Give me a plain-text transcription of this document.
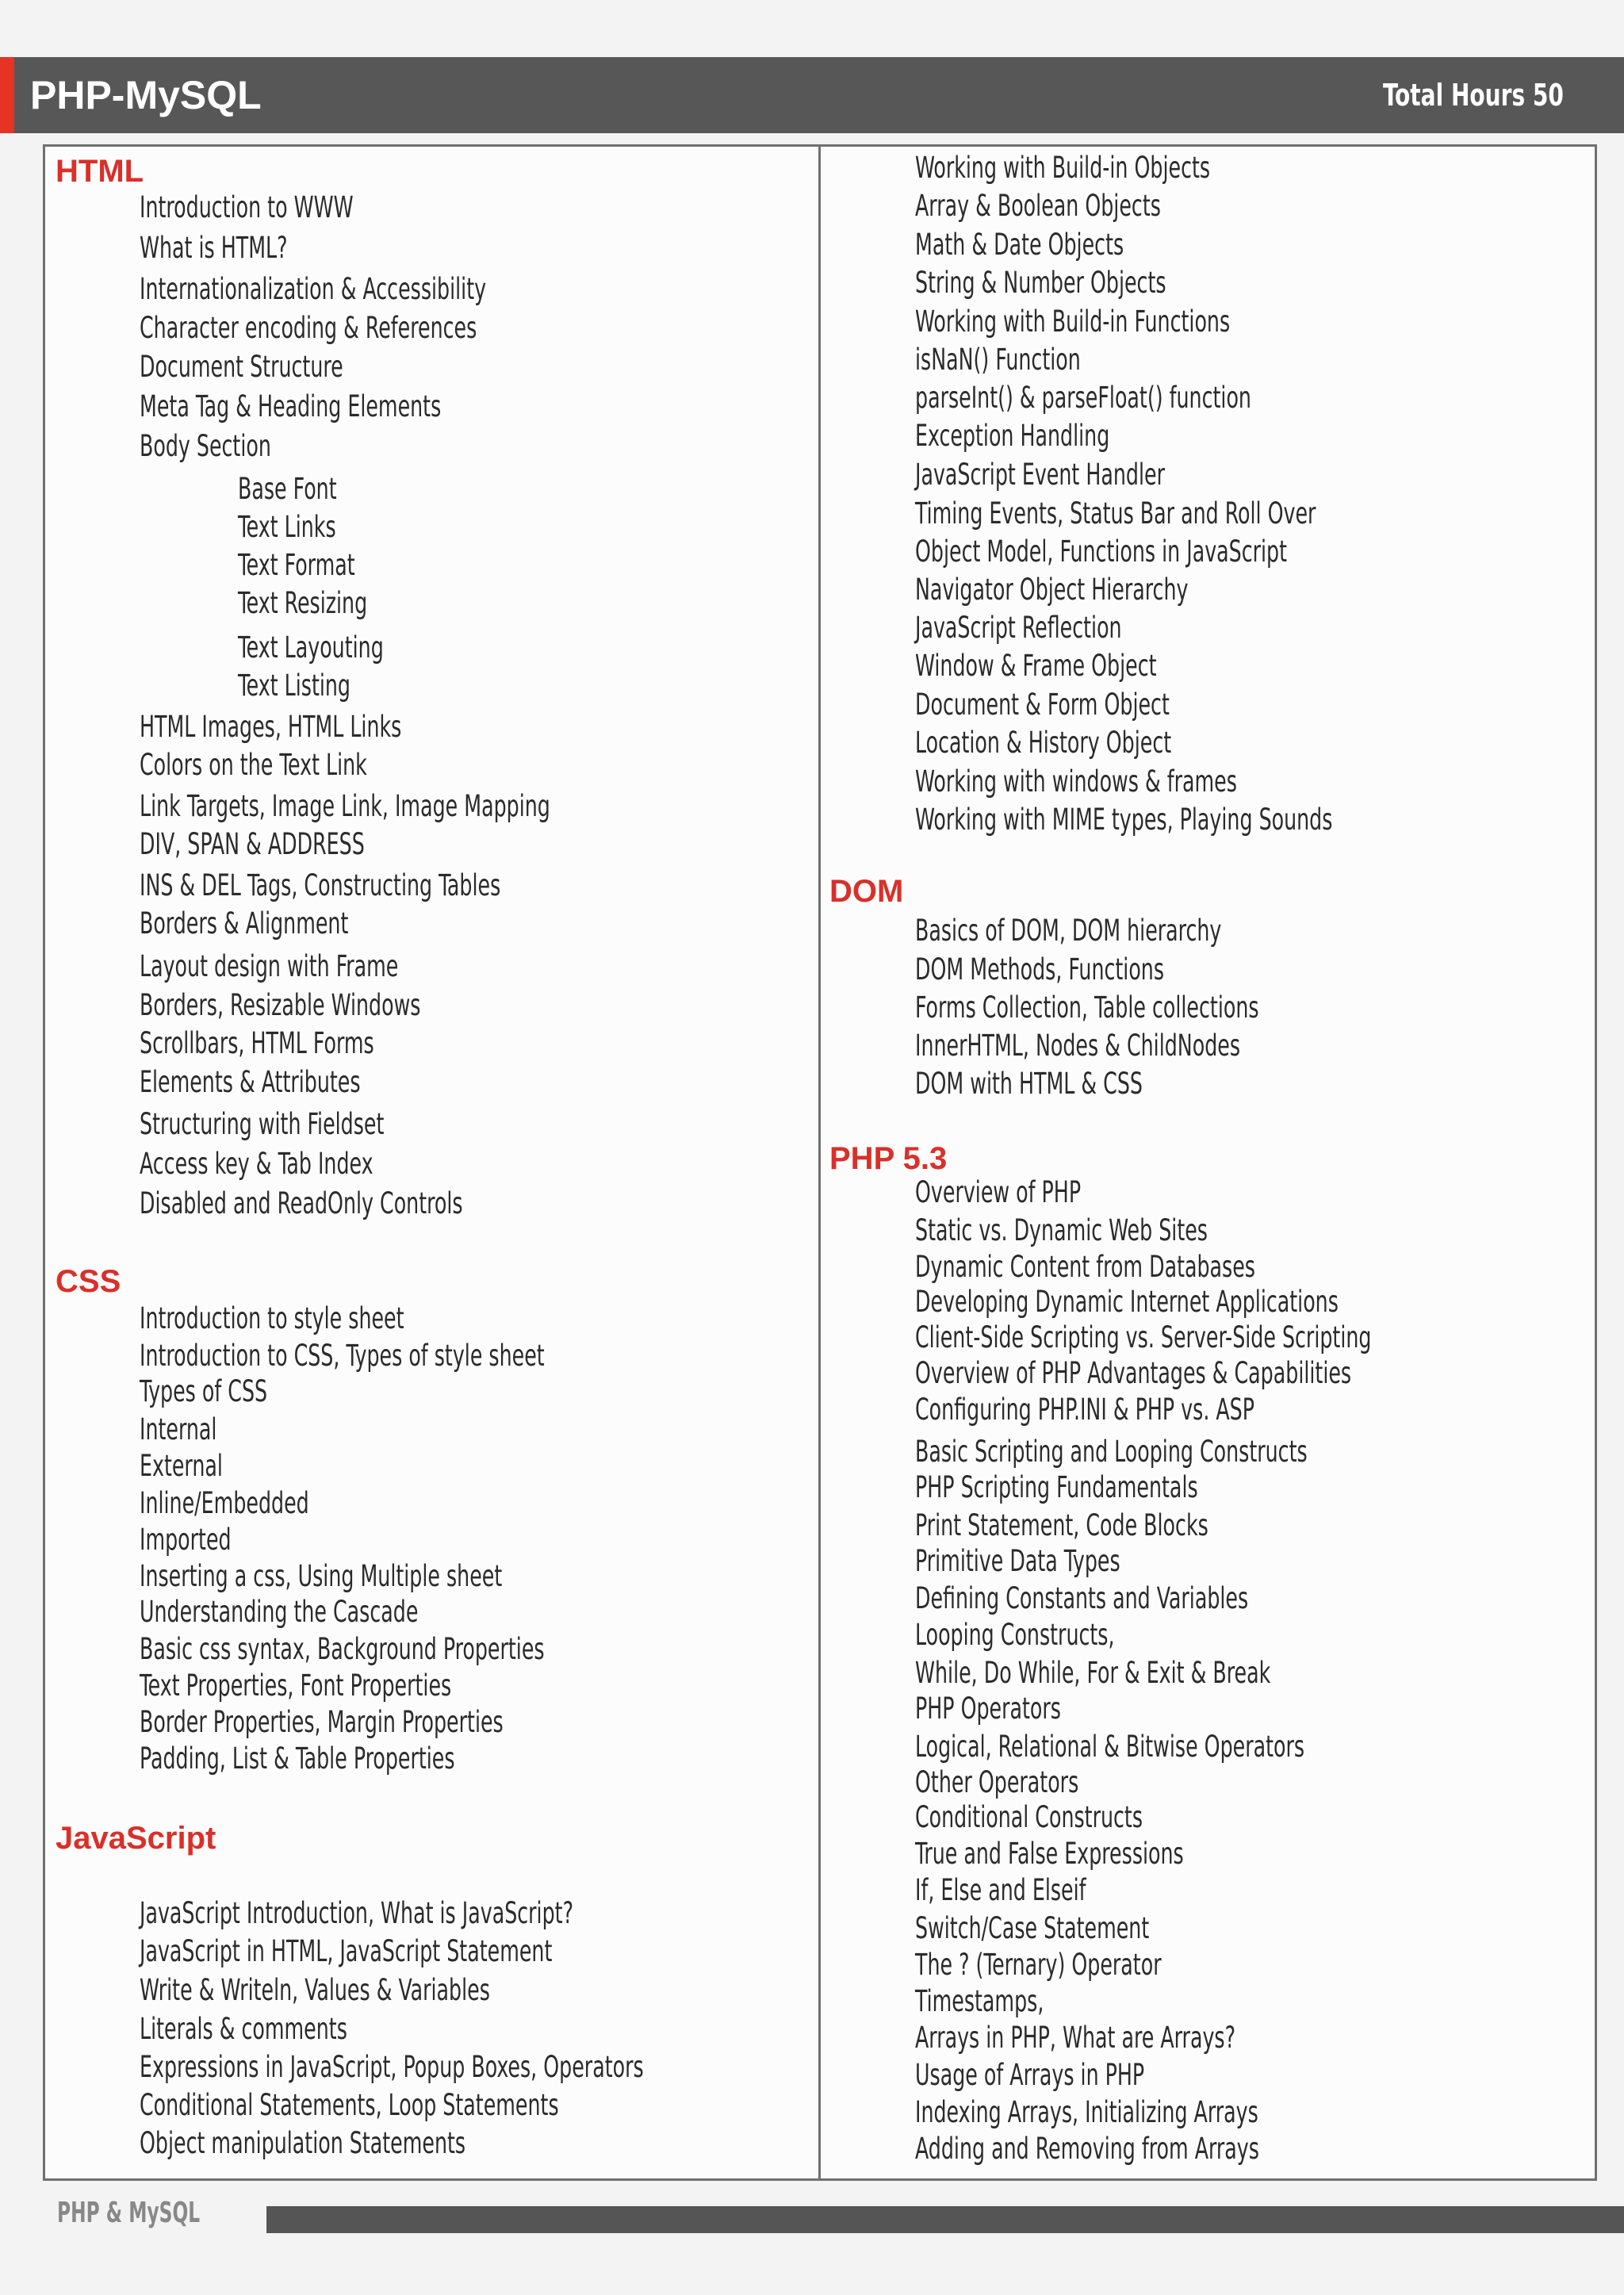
PHP-MySQL	Total Hours 50
PHP & MySQL
HTML
Introduction to WWW
What is HTML?
Internationalization & Accessibility
Character encoding & References
Document Structure
Meta Tag & Heading Elements
Body Section
Base Font
Text Links
Text Format
Text Resizing
Text Layouting
Text Listing
HTML Images, HTML Links
Colors on the Text Link
Link Targets, Image Link, Image Mapping
DIV, SPAN & ADDRESS
INS & DEL Tags, Constructing Tables
Borders & Alignment
Layout design with Frame
Borders, Resizable Windows
Scrollbars, HTML Forms
Elements & Attributes
Structuring with Fieldset
Access key & Tab Index
Disabled and ReadOnly Controls
CSS
Introduction to style sheet
Introduction to CSS, Types of style sheet
Types of CSS
Internal
External
Inline/Embedded
Imported
Inserting a css, Using Multiple sheet
Understanding the Cascade
Basic css syntax, Background Properties
Text Properties, Font Properties
Border Properties, Margin Properties
Padding, List & Table Properties
JavaScript
JavaScript Introduction, What is JavaScript?
JavaScript in HTML, JavaScript Statement
Write & Writeln, Values & Variables
Literals & comments
Expressions in JavaScript, Popup Boxes, Operators
Conditional Statements, Loop Statements
Object manipulation Statements
Working with Build-in Objects
Array & Boolean Objects
Math & Date Objects
String & Number Objects
Working with Build-in Functions
isNaN() Function
parseInt() & parseFloat() function
Exception Handling
JavaScript Event Handler
Timing Events, Status Bar and Roll Over
Object Model, Functions in JavaScript
Navigator Object Hierarchy
JavaScript Reflection
Window & Frame Object
Document & Form Object
Location & History Object
Working with windows & frames
Working with MIME types, Playing Sounds
DOM
Basics of DOM, DOM hierarchy
DOM Methods, Functions
Forms Collection, Table collections
InnerHTML, Nodes & ChildNodes
DOM with HTML & CSS
PHP 5.3
Overview of PHP
Static vs. Dynamic Web Sites
Dynamic Content from Databases
Developing Dynamic Internet Applications
Client-Side Scripting vs. Server-Side Scripting
Overview of PHP Advantages & Capabilities
Configuring PHP.INI & PHP vs. ASP
Basic Scripting and Looping Constructs
PHP Scripting Fundamentals
Print Statement, Code Blocks
Primitive Data Types
Defining Constants and Variables
Looping Constructs,
While, Do While, For & Exit & Break
PHP Operators
Logical, Relational & Bitwise Operators
Other Operators
Conditional Constructs
True and False Expressions
If, Else and Elseif
Switch/Case Statement
The ? (Ternary) Operator
Timestamps,
Arrays in PHP, What are Arrays?
Usage of Arrays in PHP
Indexing Arrays, Initializing Arrays
Adding and Removing from Arrays
